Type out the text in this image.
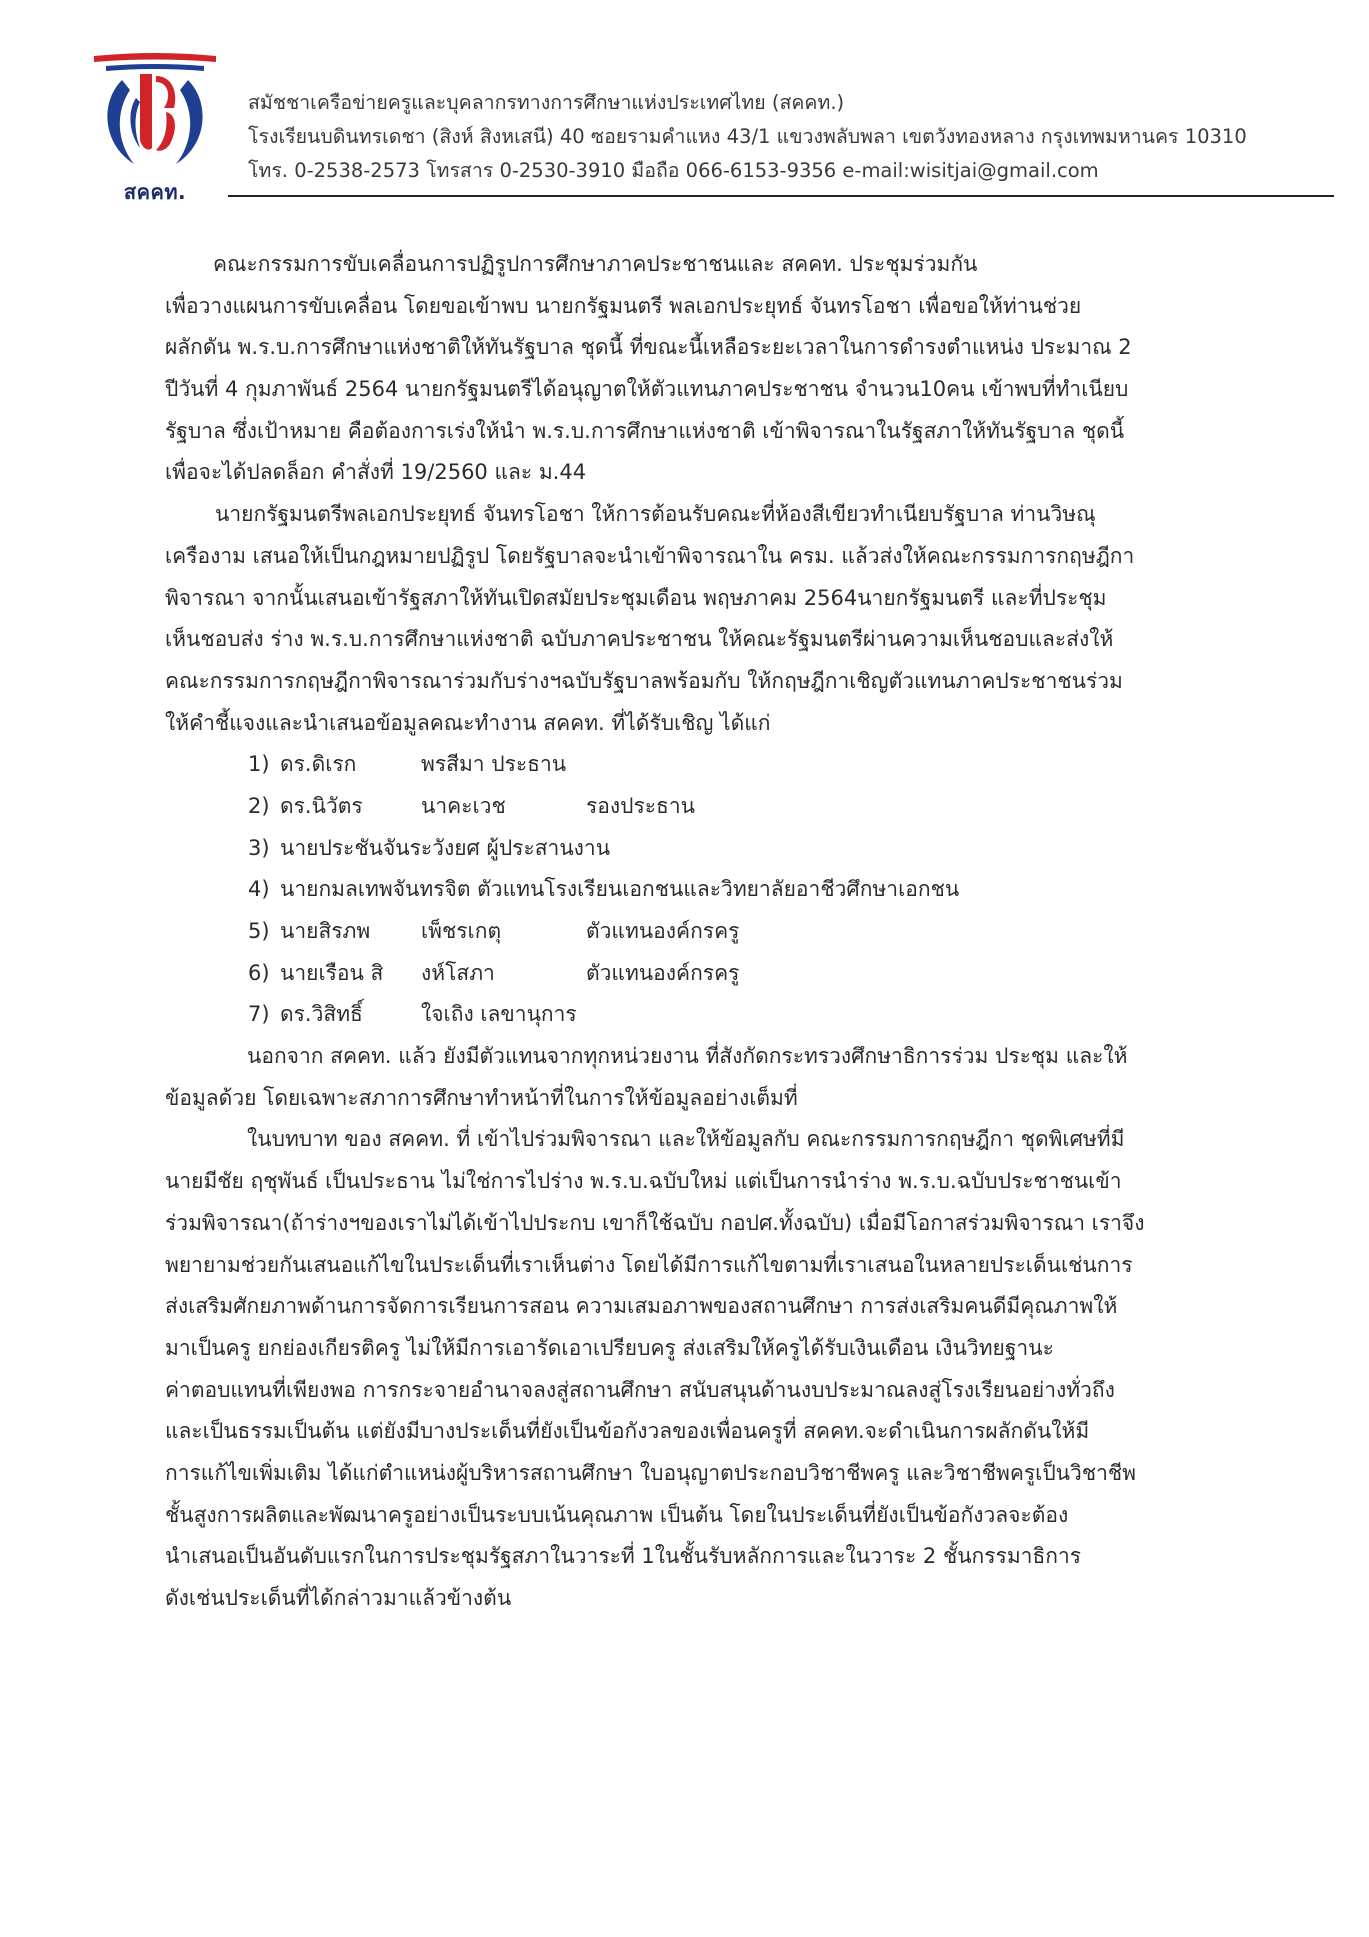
สคคท.
สมัชชาเครือข่ายครูและบุคลากรทางการศึกษาแห่งประเทศไทย (สคคท.)
โรงเรียนบดินทรเดชา (สิงห์ สิงหเสนี) 40 ซอยรามคำแหง 43/1 แขวงพลับพลา เขตวังทองหลาง กรุงเทพมหานคร 10310
โทร. 0-2538-2573 โทรสาร 0-2530-3910 มือถือ 066-6153-9356 e-mail:wisitjai@gmail.com
คณะกรรมการขับเคลื่อนการปฏิรูปการศึกษาภาคประชาชนและ สคคท. ประชุมร่วมกัน
เพื่อวางแผนการขับเคลื่อน โดยขอเข้าพบ นายกรัฐมนตรี พลเอกประยุทธ์ จันทรโอชา เพื่อขอให้ท่านช่วย
ผลักดัน พ.ร.บ.การศึกษาแห่งชาติให้ทันรัฐบาล ชุดนี้ ที่ขณะนี้เหลือระยะเวลาในการดำรงตำแหน่ง ประมาณ 2
ปีวันที่ 4 กุมภาพันธ์ 2564 นายกรัฐมนตรีได้อนุญาตให้ตัวแทนภาคประชาชน จำนวน10คน เข้าพบที่ทำเนียบ
รัฐบาล ซึ่งเป้าหมาย คือต้องการเร่งให้นำ พ.ร.บ.การศึกษาแห่งชาติ เข้าพิจารณาในรัฐสภาให้ทันรัฐบาล ชุดนี้
เพื่อจะได้ปลดล็อก คำสั่งที่ 19/2560 และ ม.44
นายกรัฐมนตรีพลเอกประยุทธ์ จันทรโอชา ให้การต้อนรับคณะที่ห้องสีเขียวทำเนียบรัฐบาล ท่านวิษณุ
เครืองาม เสนอให้เป็นกฎหมายปฏิรูป โดยรัฐบาลจะนำเข้าพิจารณาใน ครม. แล้วส่งให้คณะกรรมการกฤษฎีกา
พิจารณา จากนั้นเสนอเข้ารัฐสภาให้ทันเปิดสมัยประชุมเดือน พฤษภาคม 2564นายกรัฐมนตรี และที่ประชุม
เห็นชอบส่ง ร่าง พ.ร.บ.การศึกษาแห่งชาติ ฉบับภาคประชาชน ให้คณะรัฐมนตรีผ่านความเห็นชอบและส่งให้
คณะกรรมการกฤษฎีกาพิจารณาร่วมกับร่างฯฉบับรัฐบาลพร้อมกับ ให้กฤษฎีกาเชิญตัวแทนภาคประชาชนร่วม
ให้คำชี้แจงและนำเสนอข้อมูลคณะทำงาน สคคท. ที่ได้รับเชิญ ได้แก่
1) ดร.ดิเรก	พรสีมา ประธาน
2) ดร.นิวัตร	นาคะเวช	รองประธาน
3) นายประชันจันระวังยศ ผู้ประสานงาน
4) นายกมลเทพจันทรจิต ตัวแทนโรงเรียนเอกชนและวิทยาลัยอาชีวศึกษาเอกชน
5) นายสิรภพ	เพ็ชรเกตุ	ตัวแทนองค์กรครู
6) นายเรือน สิ	งห์โสภา	ตัวแทนองค์กรครู
7) ดร.วิสิทธิ์	ใจเถิง เลขานุการ
นอกจาก สคคท. แล้ว ยังมีตัวแทนจากทุกหน่วยงาน ที่สังกัดกระทรวงศึกษาธิการร่วม ประชุม และให้
ข้อมูลด้วย โดยเฉพาะสภาการศึกษาทำหน้าที่ในการให้ข้อมูลอย่างเต็มที่
ในบทบาท ของ สคคท. ที่ เข้าไปร่วมพิจารณา และให้ข้อมูลกับ คณะกรรมการกฤษฎีกา ชุดพิเศษที่มี
นายมีชัย ฤชุพันธ์ เป็นประธาน ไม่ใช่การไปร่าง พ.ร.บ.ฉบับใหม่ แต่เป็นการนำร่าง พ.ร.บ.ฉบับประชาชนเข้า
ร่วมพิจารณา(ถ้าร่างฯของเราไม่ได้เข้าไปประกบ เขาก็ใช้ฉบับ กอปศ.ทั้งฉบับ) เมื่อมีโอกาสร่วมพิจารณา เราจึง
พยายามช่วยกันเสนอแก้ไขในประเด็นที่เราเห็นต่าง โดยได้มีการแก้ไขตามที่เราเสนอในหลายประเด็นเช่นการ
ส่งเสริมศักยภาพด้านการจัดการเรียนการสอน ความเสมอภาพของสถานศึกษา การส่งเสริมคนดีมีคุณภาพให้
มาเป็นครู ยกย่องเกียรติครู ไม่ให้มีการเอารัดเอาเปรียบครู ส่งเสริมให้ครูได้รับเงินเดือน เงินวิทยฐานะ
ค่าตอบแทนที่เพียงพอ การกระจายอำนาจลงสู่สถานศึกษา สนับสนุนด้านงบประมาณลงสู่โรงเรียนอย่างทั่วถึง
และเป็นธรรมเป็นต้น แต่ยังมีบางประเด็นที่ยังเป็นข้อกังวลของเพื่อนครูที่ สคคท.จะดำเนินการผลักดันให้มี
การแก้ไขเพิ่มเติม ได้แก่ตำแหน่งผู้บริหารสถานศึกษา ใบอนุญาตประกอบวิชาชีพครู และวิชาชีพครูเป็นวิชาชีพ
ชั้นสูงการผลิตและพัฒนาครูอย่างเป็นระบบเน้นคุณภาพ เป็นต้น โดยในประเด็นที่ยังเป็นข้อกังวลจะต้อง
นำเสนอเป็นอันดับแรกในการประชุมรัฐสภาในวาระที่ 1ในชั้นรับหลักการและในวาระ 2 ชั้นกรรมาธิการ
ดังเช่นประเด็นที่ได้กล่าวมาแล้วข้างต้น
